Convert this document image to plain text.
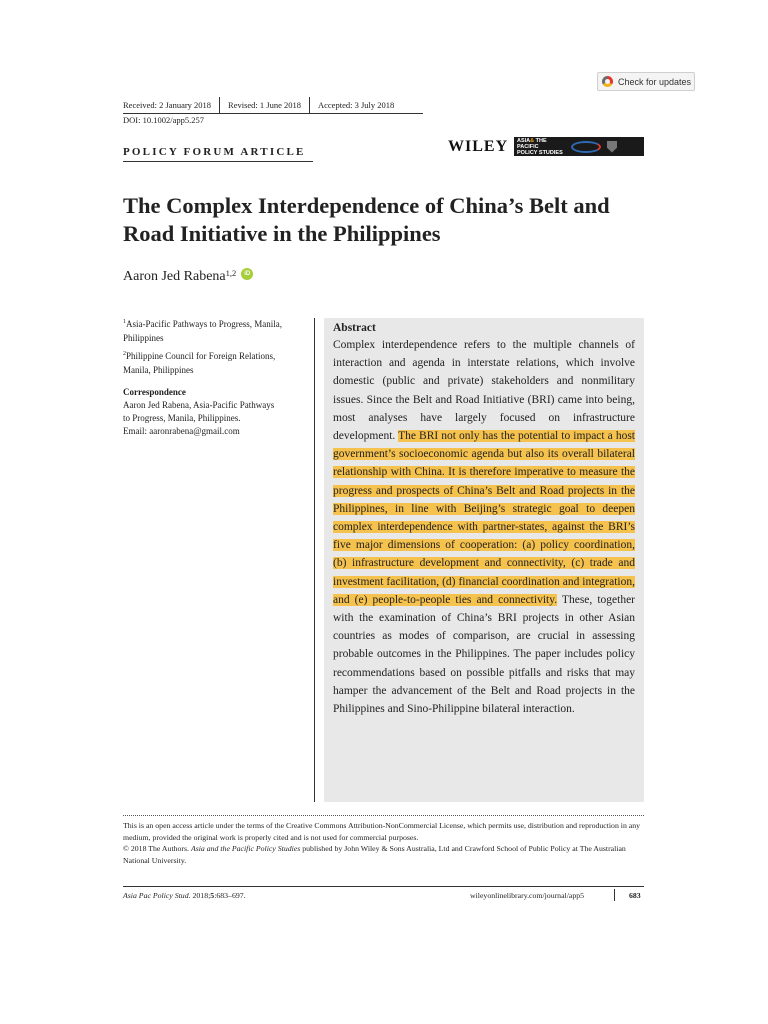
Check for updates
Received: 2 January 2018	Revised: 1 June 2018	Accepted: 3 July 2018
DOI: 10.1002/app5.257
POLICY FORUM ARTICLE	WILEY ASIA& THE PACIFIC
POLICY STUDIES
The Complex Interdependence of China’s Belt and Road Initiative in the Philippines
Aaron Jed Rabena$^{1,2}$	iD

$^1$Asia-Pacific Pathways to Progress, Manila, Philippines

$^2$Philippine Council for Foreign Relations, Manila, Philippines

Correspondence

Aaron Jed Rabena, Asia-Pacific Pathways

to Progress, Manila, Philippines.

Email: aaronrabena@gmail.com

Abstract

Complex interdependence refers to the multiple channels of interaction and agenda in interstate relations, which involve domestic (public and private) stakeholders and nonmilitary issues. Since the Belt and Road Initiative (BRI) came into being, most analyses have largely focused on infrastructure development. The BRI not only has the potential to impact a host government’s socioeconomic agenda but also its overall bilateral relationship with China. It is therefore imperative to measure the progress and prospects of China’s Belt and Road projects in the Philippines, in line with Beijing’s strategic goal to deepen complex interdependence with partner-states, against the BRI’s five major dimensions of cooperation: (a) policy coordination, (b) infrastructure development and connectivity, (c) trade and investment facilitation, (d) financial coordination and integration, and (e) people-to-people ties and connectivity. These, together with the examination of China’s BRI projects in other Asian countries as modes of comparison, are crucial in assessing probable outcomes in the Philippines. The paper includes policy recommendations based on possible pitfalls and risks that may hamper the advancement of the Belt and Road projects in the Philippines and Sino-Philippine bilateral interaction.

This is an open access article under the terms of the Creative Commons Attribution-NonCommercial License, which permits use, distribution and reproduction in any medium, provided the original work is properly cited and is not used for commercial purposes.

© 2018 The Authors. Asia and the Pacific Policy Studies published by John Wiley & Sons Australia, Ltd and Crawford School of Public Policy at The Australian National University.

Asia Pac Policy Stud. 2018;5:683–697.	wileyonlinelibrary.com/journal/app5	683
